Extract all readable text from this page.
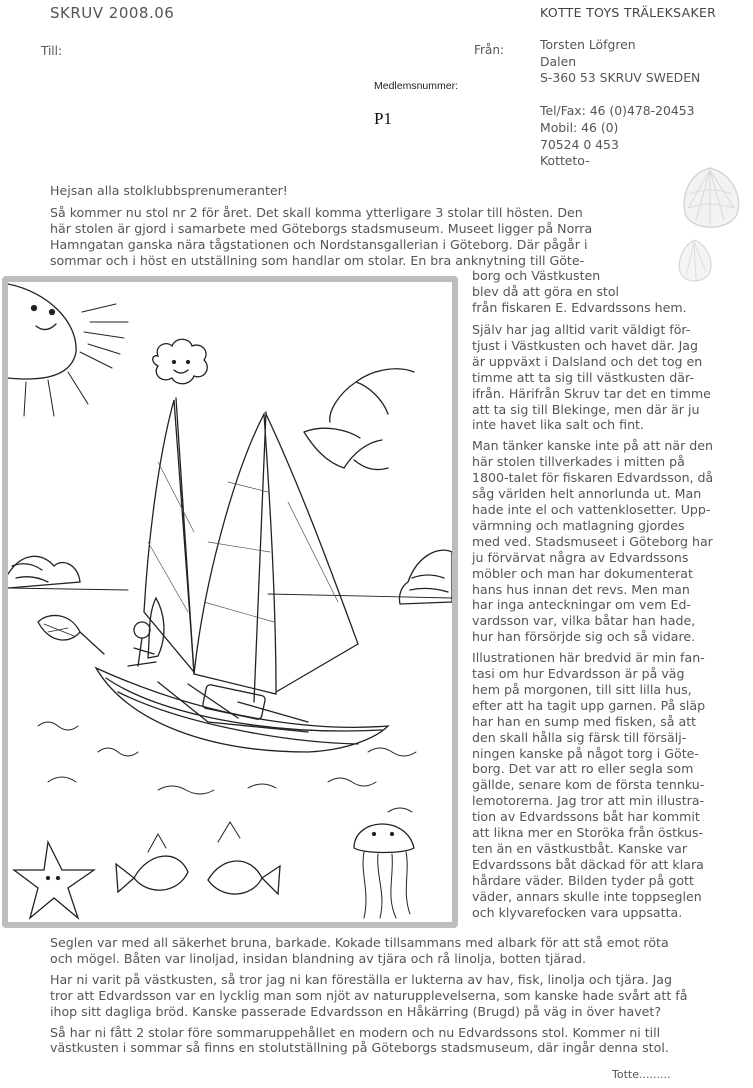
SKRUV 2008.06	KOTTE TOYS TRÄLEKSAKER
Till:	Från:	Torsten Löfgren
Dalen
S-360 53 SKRUV SWEDEN
Tel/Fax: 46 (0)478-20453
Mobil: 46 (0)
70524 0 453
Kotteto-
Medlemsnummer:
P1
Hejsan alla stolklubbsprenumeranter!
Så kommer nu stol nr 2 för året. Det skall komma ytterligare 3 stolar till hösten. Den
här stolen är gjord i samarbete med Göteborgs stadsmuseum. Museet ligger på Norra
Hamngatan ganska nära tågstationen och Nordstansgallerian i Göteborg. Där pågår i
sommar och i höst en utställning som handlar om stolar. En bra anknytning till Göte-
borg och Västkusten
blev då att göra en stol
från fiskaren E. Edvardssons hem.

Själv har jag alltid varit väldigt för-
tjust i Västkusten och havet där. Jag
är uppväxt i Dalsland och det tog en
timme att ta sig till västkusten där-
ifrån. Härifrån Skruv tar det en timme
att ta sig till Blekinge, men där är ju
inte havet lika salt och fint.

Man tänker kanske inte på att när den
här stolen tillverkades i mitten på
1800-talet för fiskaren Edvardsson, då
såg världen helt annorlunda ut. Man
hade inte el och vattenklosetter. Upp-
värmning och matlagning gjordes
med ved. Stadsmuseet i Göteborg har
ju förvärvat några av Edvardssons
möbler och man har dokumenterat
hans hus innan det revs. Men man
har inga anteckningar om vem Ed-
vardsson var, vilka båtar han hade,
hur han försörjde sig och så vidare.

Illustrationen här bredvid är min fan-
tasi om hur Edvardsson är på väg
hem på morgonen, till sitt lilla hus,
efter att ha tagit upp garnen. På släp
har han en sump med fisken, så att
den skall hålla sig färsk till försälj-
ningen kanske på något torg i Göte-
borg. Det var att ro eller segla som
gällde, senare kom de första tennku-
lemotorerna. Jag tror att min illustra-
tion av Edvardssons båt har kommit
att likna mer en Storöka från östkus-
ten än en västkustbåt. Kanske var
Edvardssons båt däckad för att klara
hårdare väder. Bilden tyder på gott
väder, annars skulle inte toppseglen
och klyvarefocken vara uppsatta.

Seglen var med all säkerhet bruna, barkade. Kokade tillsammans med albark för att stå emot röta
och mögel. Båten var linoljad, insidan blandning av tjära och rå linolja, botten tjärad.

Har ni varit på västkusten, så tror jag ni kan föreställa er lukterna av hav, fisk, linolja och tjära. Jag
tror att Edvardsson var en lycklig man som njöt av naturupplevelserna, som kanske hade svårt att få
ihop sitt dagliga bröd. Kanske passerade Edvardsson en Håkärring (Brugd) på väg in över havet?

Så har ni fått 2 stolar före sommaruppehållet en modern och nu Edvardssons stol. Kommer ni till
västkusten i sommar så finns en stolutställning på Göteborgs stadsmuseum, där ingår denna stol.

Totte.........
